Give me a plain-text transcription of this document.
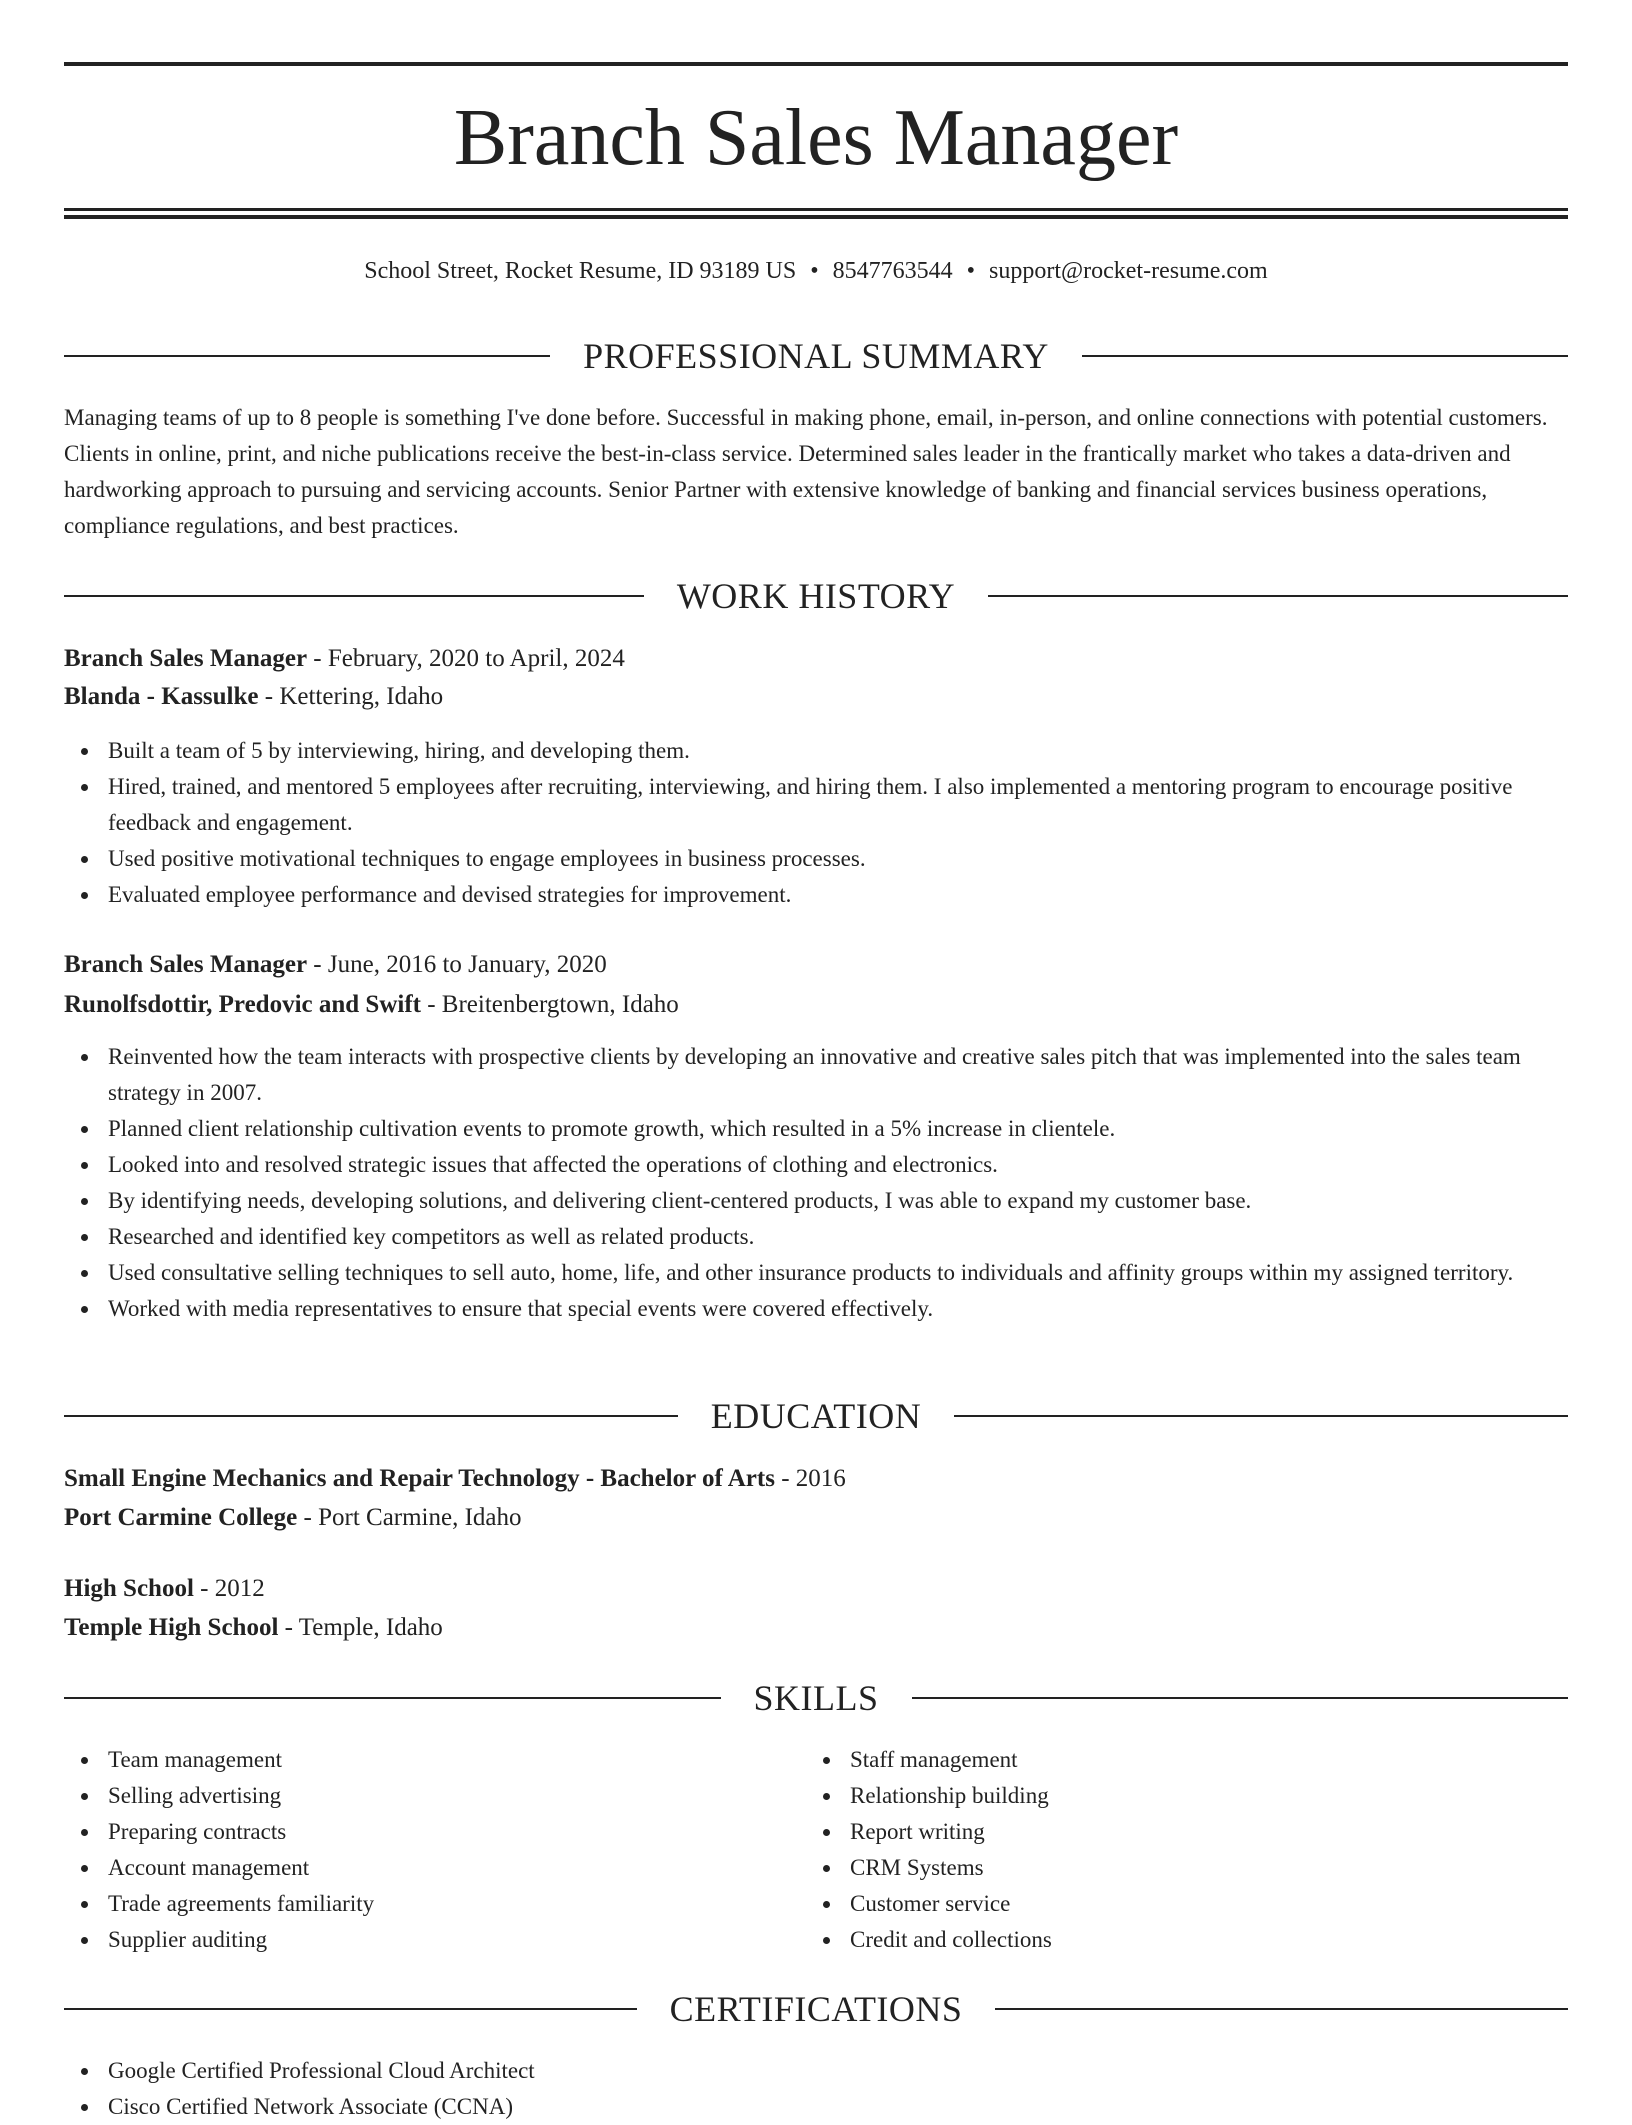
Branch Sales Manager
School Street, Rocket Resume, ID 93189 US • 8547763544 • support@rocket-resume.com
PROFESSIONAL SUMMARY

Managing teams of up to 8 people is something I've done before. Successful in making phone, email, in-person, and online connections with potential customers. Clients in online, print, and niche publications receive the best-in-class service. Determined sales leader in the frantically market who takes a data-driven and hardworking approach to pursuing and servicing accounts. Senior Partner with extensive knowledge of banking and financial services business operations, compliance regulations, and best practices.

WORK HISTORY
Branch Sales Manager - February, 2020 to April, 2024
Blanda - Kassulke - Kettering, Idaho
Built a team of 5 by interviewing, hiring, and developing them.
Hired, trained, and mentored 5 employees after recruiting, interviewing, and hiring them. I also implemented a mentoring program to encourage positive feedback and engagement.
Used positive motivational techniques to engage employees in business processes.
Evaluated employee performance and devised strategies for improvement.
Branch Sales Manager - June, 2016 to January, 2020
Runolfsdottir, Predovic and Swift - Breitenbergtown, Idaho
Reinvented how the team interacts with prospective clients by developing an innovative and creative sales pitch that was implemented into the sales team strategy in 2007.
Planned client relationship cultivation events to promote growth, which resulted in a 5% increase in clientele.
Looked into and resolved strategic issues that affected the operations of clothing and electronics.
By identifying needs, developing solutions, and delivering client-centered products, I was able to expand my customer base.
Researched and identified key competitors as well as related products.
Used consultative selling techniques to sell auto, home, life, and other insurance products to individuals and affinity groups within my assigned territory.
Worked with media representatives to ensure that special events were covered effectively.
EDUCATION
Small Engine Mechanics and Repair Technology - Bachelor of Arts - 2016
Port Carmine College - Port Carmine, Idaho
High School - 2012
Temple High School - Temple, Idaho
SKILLS
Team management
Selling advertising
Preparing contracts
Account management
Trade agreements familiarity
Supplier auditing
Staff management
Relationship building
Report writing
CRM Systems
Customer service
Credit and collections
CERTIFICATIONS
Google Certified Professional Cloud Architect
Cisco Certified Network Associate (CCNA)
